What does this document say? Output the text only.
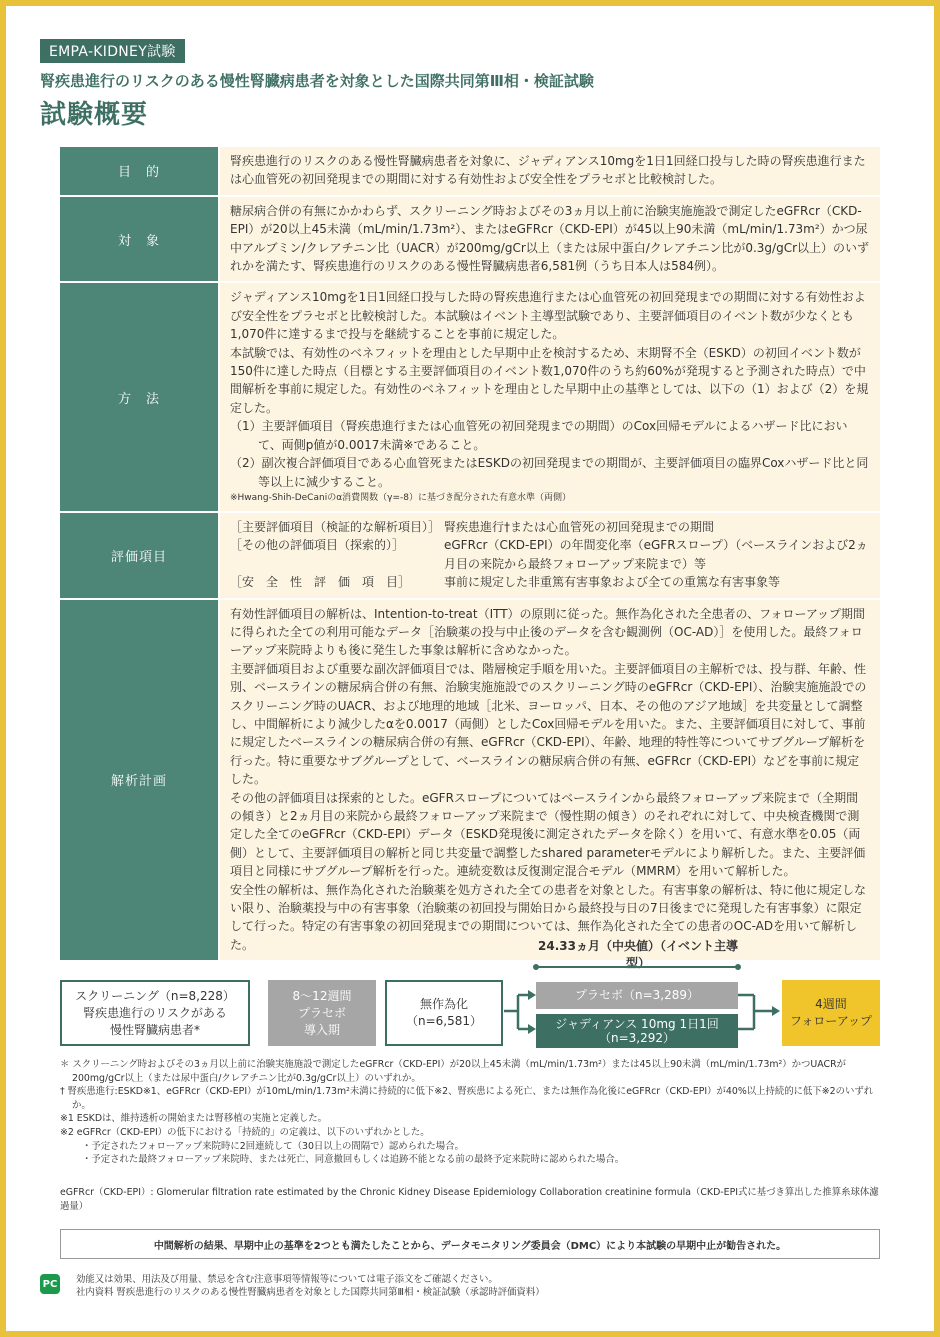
EMPA-KIDNEY試験
腎疾患進行のリスクのある慢性腎臓病患者を対象とした国際共同第Ⅲ相・検証試験
試験概要
目　的

腎疾患進行のリスクのある慢性腎臓病患者を対象に、ジャディアンス10mgを1日1回経口投与した時の腎疾患進行または心血管死の初回発現までの期間に対する有効性および安全性をプラセボと比較検討した。

対　象

糖尿病合併の有無にかかわらず、スクリーニング時およびその3ヵ月以上前に治験実施施設で測定したeGFRcr（CKD-EPI）が20以上45未満（mL/min/1.73m²）、またはeGFRcr（CKD-EPI）が45以上90未満（mL/min/1.73m²）かつ尿中アルブミン/クレアチニン比（UACR）が200mg/gCr以上（または尿中蛋白/クレアチニン比が0.3g/gCr以上）のいずれかを満たす、腎疾患進行のリスクのある慢性腎臓病患者6,581例（うち日本人は584例）。

方　法

ジャディアンス10mgを1日1回経口投与した時の腎疾患進行または心血管死の初回発現までの期間に対する有効性および安全性をプラセボと比較検討した。本試験はイベント主導型試験であり、主要評価項目のイベント数が少なくとも1,070件に達するまで投与を継続することを事前に規定した。

本試験では、有効性のベネフィットを理由とした早期中止を検討するため、末期腎不全（ESKD）の初回イベント数が150件に達した時点（目標とする主要評価項目のイベント数1,070件のうち約60%が発現すると予測された時点）で中間解析を事前に規定した。有効性のベネフィットを理由とした早期中止の基準としては、以下の（1）および（2）を規定した。

（1）主要評価項目（腎疾患進行または心血管死の初回発現までの期間）のCox回帰モデルによるハザード比において、両側p値が0.0017未満※であること。

（2）副次複合評価項目である心血管死またはESKDの初回発現までの期間が、主要評価項目の臨界Coxハザード比と同等以上に減少すること。

※Hwang-Shih-DeCaniのα消費関数（γ=-8）に基づき配分された有意水準（両側）

評価項目
［主要評価項目（検証的な解析項目）］ 腎疾患進行†または心血管死の初回発現までの期間
［その他の評価項目（探索的）］	eGFRcr（CKD-EPI）の年間変化率（eGFRスロープ）（ベースラインおよび2ヵ月目の来院から最終フォローアップ来院まで）等
［安　全　性　評　価　項　目］	事前に規定した非重篤有害事象および全ての重篤な有害事象等
解析計画

有効性評価項目の解析は、Intention-to-treat（ITT）の原則に従った。無作為化された全患者の、フォローアップ期間に得られた全ての利用可能なデータ［治験薬の投与中止後のデータを含む観測例（OC-AD）］を使用した。最終フォローアップ来院時よりも後に発生した事象は解析に含めなかった。

主要評価項目および重要な副次評価項目では、階層検定手順を用いた。主要評価項目の主解析では、投与群、年齢、性別、ベースラインの糖尿病合併の有無、治験実施施設でのスクリーニング時のeGFRcr（CKD-EPI）、治験実施施設でのスクリーニング時のUACR、および地理的地域［北米、ヨーロッパ、日本、その他のアジア地域］を共変量として調整し、中間解析により減少したαを0.0017（両側）としたCox回帰モデルを用いた。また、主要評価項目に対して、事前に規定したベースラインの糖尿病合併の有無、eGFRcr（CKD-EPI）、年齢、地理的特性等についてサブグループ解析を行った。特に重要なサブグループとして、ベースラインの糖尿病合併の有無、eGFRcr（CKD-EPI）などを事前に規定した。

その他の評価項目は探索的とした。eGFRスロープについてはベースラインから最終フォローアップ来院まで（全期間の傾き）と2ヵ月目の来院から最終フォローアップ来院まで（慢性期の傾き）のそれぞれに対して、中央検査機関で測定した全てのeGFRcr（CKD-EPI）データ（ESKD発現後に測定されたデータを除く）を用いて、有意水準を0.05（両側）として、主要評価項目の解析と同じ共変量で調整したshared parameterモデルにより解析した。また、主要評価項目と同様にサブグループ解析を行った。連続変数は反復測定混合モデル（MMRM）を用いて解析した。

安全性の解析は、無作為化された治験薬を処方された全ての患者を対象とした。有害事象の解析は、特に他に規定しない限り、治験薬投与中の有害事象（治験薬の初回投与開始日から最終投与日の7日後までに発現した有害事象）に限定して行った。特定の有害事象の初回発現までの期間については、無作為化された全ての患者のOC-ADを用いて解析した。	24.33ヵ月（中央値）（イベント主導型）
スクリーニング（n=8,228）
腎疾患進行のリスクがある
慢性腎臓病患者*
8～12週間
プラセボ
導入期
無作為化
（n=6,581）
プラセボ（n=3,289）
ジャディアンス 10mg 1日1回
（n=3,292）
4週間
フォローアップ

＊ スクリーニング時およびその3ヵ月以上前に治験実施施設で測定したeGFRcr（CKD-EPI）が20以上45未満（mL/min/1.73m²）または45以上90未満（mL/min/1.73m²）かつUACRが200mg/gCr以上（または尿中蛋白/クレアチニン比が0.3g/gCr以上）のいずれか。

† 腎疾患進行:ESKD※1、eGFRcr（CKD-EPI）が10mL/min/1.73m²未満に持続的に低下※2、腎疾患による死亡、または無作為化後にeGFRcr（CKD-EPI）が40%以上持続的に低下※2のいずれか。

※1 ESKDは、維持透析の開始または腎移植の実施と定義した。

※2 eGFRcr（CKD-EPI）の低下における「持続的」の定義は、以下のいずれかとした。

・予定されたフォローアップ来院時に2回連続して（30日以上の間隔で）認められた場合。

・予定された最終フォローアップ来院時、または死亡、同意撤回もしくは追跡不能となる前の最終予定来院時に認められた場合。

eGFRcr（CKD-EPI）: Glomerular filtration rate estimated by the Chronic Kidney Disease Epidemiology Collaboration creatinine formula（CKD-EPI式に基づき算出した推算糸球体濾過量）
中間解析の結果、早期中止の基準を2つとも満たしたことから、データモニタリング委員会（DMC）により本試験の早期中止が勧告された。
PC 効能又は効果、用法及び用量、禁忌を含む注意事項等情報等については電子添文をご確認ください。

社内資料 腎疾患進行のリスクのある慢性腎臓病患者を対象とした国際共同第Ⅲ相・検証試験（承認時評価資料）
